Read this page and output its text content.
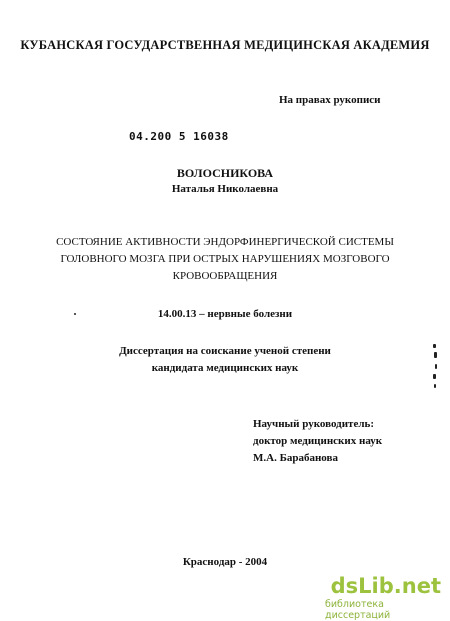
КУБАНСКАЯ ГОСУДАРСТВЕННАЯ МЕДИЦИНСКАЯ АКАДЕМИЯ
На правах рукописи
04.200 5 16038
ВОЛОСНИКОВА
Наталья Николаевна
СОСТОЯНИЕ АКТИВНОСТИ ЭНДОРФИНЕРГИЧЕСКОЙ СИСТЕМЫ
ГОЛОВНОГО МОЗГА ПРИ ОСТРЫХ НАРУШЕНИЯХ МОЗГОВОГО
КРОВООБРАЩЕНИЯ
14.00.13 – нервные болезни
Диссертация на соискание ученой степени
кандидата медицинских наук
Научный руководитель:
доктор медицинских наук
М.А. Барабанова
Краснодар - 2004
dsLib.net
библиотека диссертаций
